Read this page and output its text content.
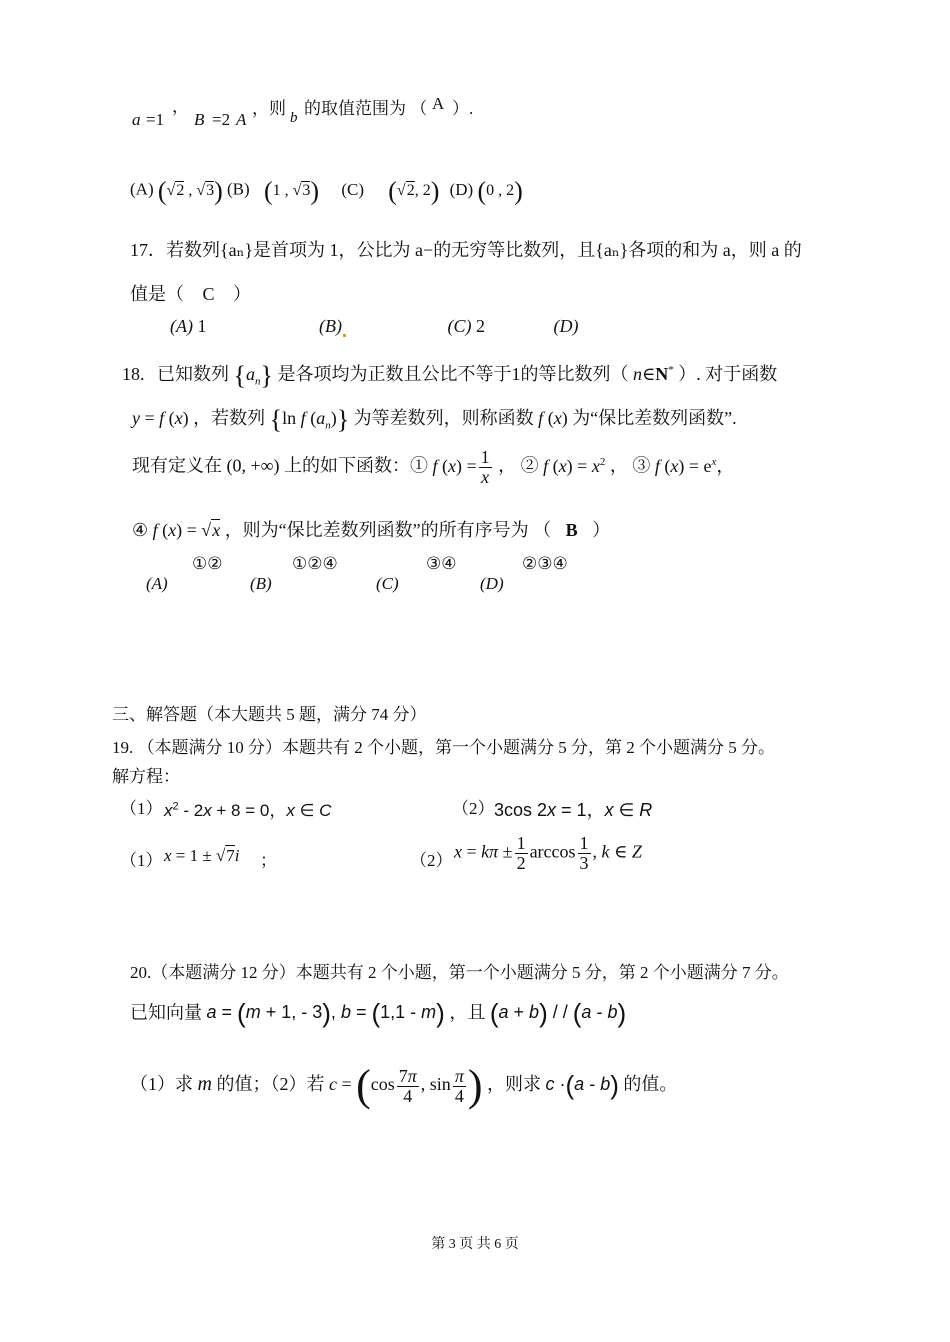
a =1
，
B =2 A
，则 b 的取值范围为 （ A ）.
(A) (√2 , √3) (B) (1 , √3) (C) (√2, 2) (D) (0 , 2)
17．若数列{aₙ}是首项为 1，公比为 a−的无穷等比数列，且{aₙ}各项的和为 a，则 a 的
值是（ C ）
(A) 1	(B)	(C) 2	(D)
18. 已知数列 $\{a_n\}$ 是各项均为正数且公比不等于1的等比数列（ n∈N* ）. 对于函数
y = f (x) ，若数列 {ln f $(a_n)$} 为等差数列，则称函数 f (x) 为“保比差数列函数”.
现有定义在 (0, +∞) 上的如下函数：① f $(x) = \frac{1}{x}$ ， ② f $(x) = x^2$ ， ③ f $(x) = e^x$，
④ f (x) = √x ，则为“保比差数列函数”的所有序号为 （ B ）
(A)
①②
(B)
①②④
(C)
③④
(D)
②③④
三、解答题（本大题共 5 题，满分 74 分）
19. （本题满分 10 分）本题共有 2 个小题，第一个小题满分 5 分，第 2 个小题满分 5 分。
解方程：
（1） $x^2 - 2x + 8 = 0$，x ∈ C	（2） 3cos 2x = 1，x ∈ R
（1） x = 1 ± √7i ；	（2） $x = k\pi \pm \frac{1}{2}$ $\arccos \frac{1}{3}$ , k ∈ Z
20.（本题满分 12 分）本题共有 2 个小题，第一个小题满分 5 分，第 2 个小题满分 7 分。
已知向量 a = (m + 1, - 3), b = (1,1 - m) ，且 (a + b) / / (a - b)
（1）求 m 的值；（2）若 $c = (\cos \frac{7\pi}{4}$ , $\sin \frac{\pi}{4}$ ) ，则求 c ·(a - b) 的值。
第 3 页 共 6 页
